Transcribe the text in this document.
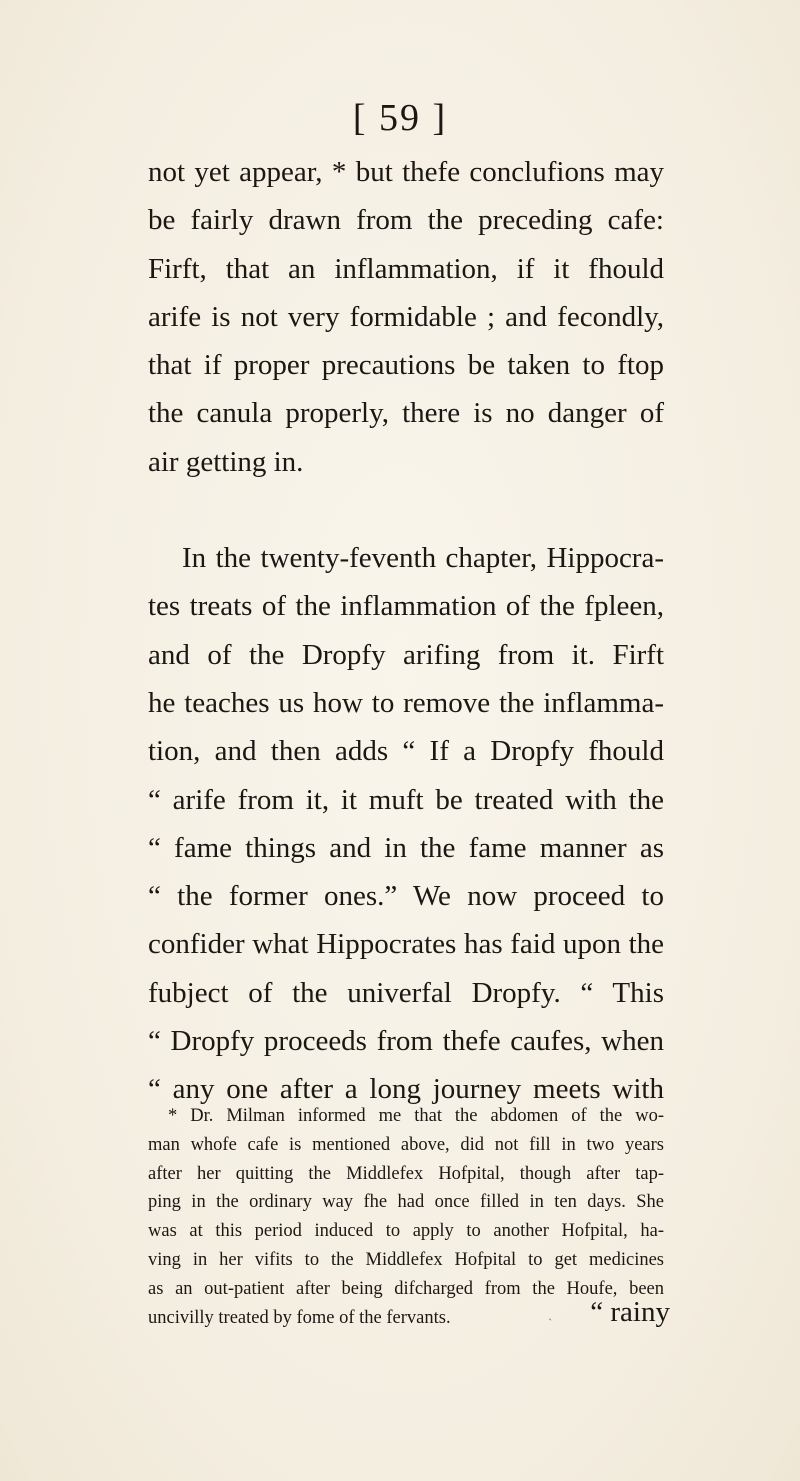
[ 59 ]
not yet appear, * but thefe conclufions may
be fairly drawn from the preceding cafe:
Firft, that an inflammation, if it fhould
arife is not very formidable ; and fecondly,
that if proper precautions be taken to ftop
the canula properly, there is no danger of
air getting in.
In the twenty-feventh chapter, Hippocra-
tes treats of the inflammation of the fpleen,
and of the Dropfy arifing from it. Firft
he teaches us how to remove the inflamma-
tion, and then adds “ If a Dropfy fhould
“ arife from it, it muft be treated with the
“ fame things and in the fame manner as
“ the former ones.” We now proceed to
confider what Hippocrates has faid upon the
fubject of the univerfal Dropfy. “ This
“ Dropfy proceeds from thefe caufes, when
“ any one after a long journey meets with
* Dr. Milman informed me that the abdomen of the wo-
man whofe cafe is mentioned above, did not fill in two years
after her quitting the Middlefex Hofpital, though after tap-
ping in the ordinary way fhe had once filled in ten days. She
was at this period induced to apply to another Hofpital, ha-
ving in her vifits to the Middlefex Hofpital to get medicines
as an out-patient after being difcharged from the Houfe, been
uncivilly treated by fome of the fervants.	ˎ “ rainy
